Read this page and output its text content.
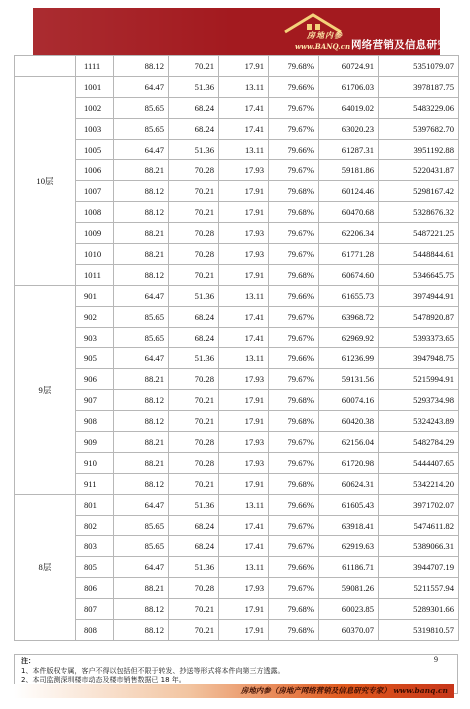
房地内参
www.BANQ.cn 网络营销及信息研究专家
	1111	88.12	70.21	17.91	79.68%	60724.91	5351079.07
10层	1001	64.47	51.36	13.11	79.66%	61706.03	3978187.75
	1002	85.65	68.24	17.41	79.67%	64019.02	5483229.06
	1003	85.65	68.24	17.41	79.67%	63020.23	5397682.70
	1005	64.47	51.36	13.11	79.66%	61287.31	3951192.88
	1006	88.21	70.28	17.93	79.67%	59181.86	5220431.87
	1007	88.12	70.21	17.91	79.68%	60124.46	5298167.42
	1008	88.12	70.21	17.91	79.68%	60470.68	5328676.32
	1009	88.21	70.28	17.93	79.67%	62206.34	5487221.25
	1010	88.21	70.28	17.93	79.67%	61771.28	5448844.61
	1011	88.12	70.21	17.91	79.68%	60674.60	5346645.75
9层	901	64.47	51.36	13.11	79.66%	61655.73	3974944.91
	902	85.65	68.24	17.41	79.67%	63968.72	5478920.87
	903	85.65	68.24	17.41	79.67%	62969.92	5393373.65
	905	64.47	51.36	13.11	79.66%	61236.99	3947948.75
	906	88.21	70.28	17.93	79.67%	59131.56	5215994.91
	907	88.12	70.21	17.91	79.68%	60074.16	5293734.98
	908	88.12	70.21	17.91	79.68%	60420.38	5324243.89
	909	88.21	70.28	17.93	79.67%	62156.04	5482784.29
	910	88.21	70.28	17.93	79.67%	61720.98	5444407.65
	911	88.12	70.21	17.91	79.68%	60624.31	5342214.20
8层	801	64.47	51.36	13.11	79.66%	61605.43	3971702.07
	802	85.65	68.24	17.41	79.67%	63918.41	5474611.82
	803	85.65	68.24	17.41	79.67%	62919.63	5389066.31
	805	64.47	51.36	13.11	79.66%	61186.71	3944707.19
	806	88.21	70.28	17.93	79.67%	59081.26	5211557.94
	807	88.12	70.21	17.91	79.68%	60023.85	5289301.66
	808	88.12	70.21	17.91	79.68%	60370.07	5319810.57
注：
1、本件版权专属，客户不得以包括但不限于转发、抄送等形式将本件向第三方透露。
2、本司监测深圳楼市动态及楼市销售数据已 18 年。
9
房地内参（房地产网络营销及信息研究专家） www.banq.cn
